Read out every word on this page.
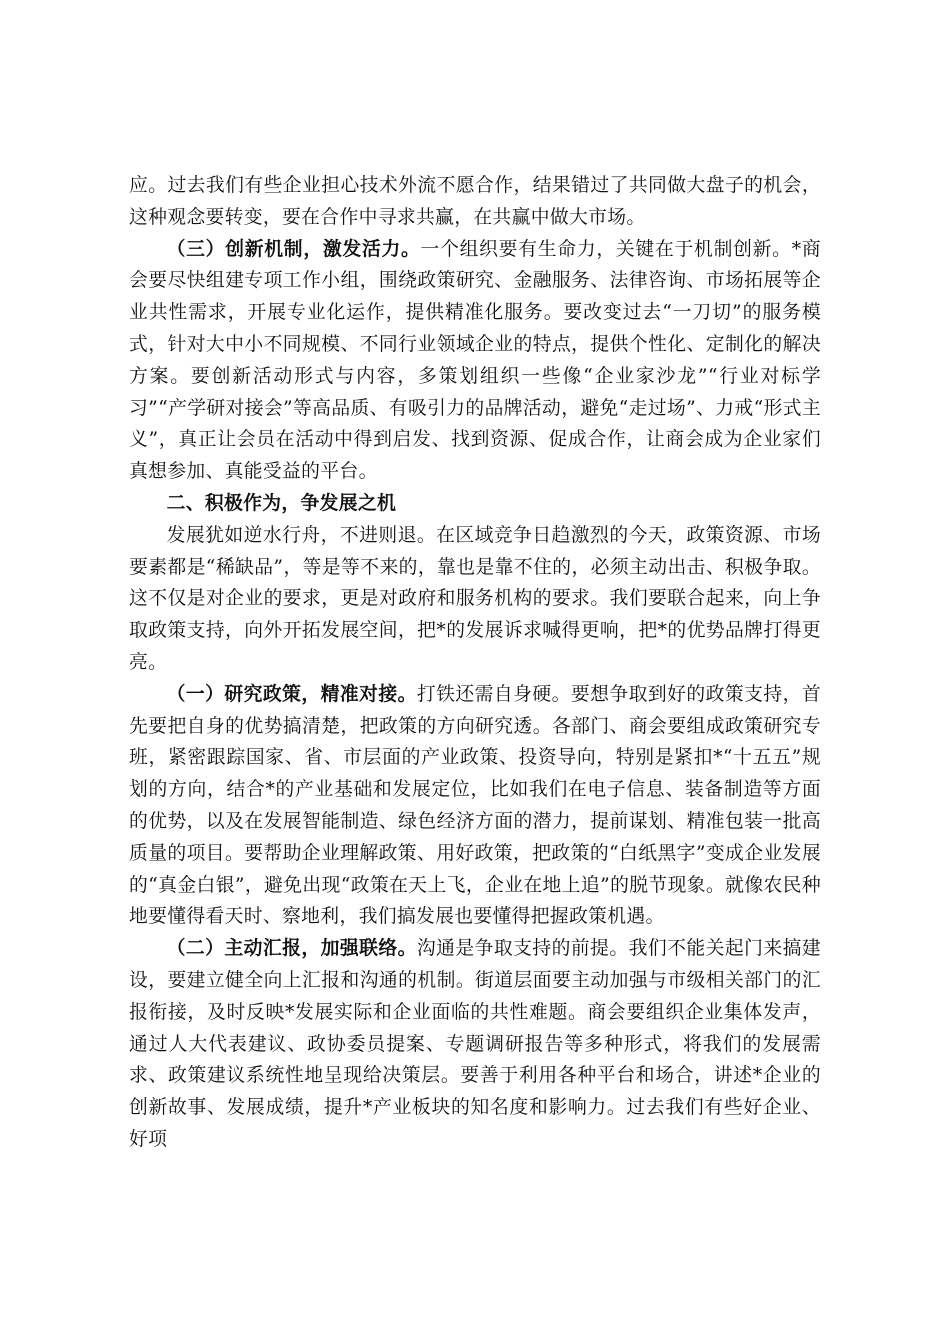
应。过去我们有些企业担心技术外流不愿合作，结果错过了共同做大盘子的机会，这种观念要转变，要在合作中寻求共赢，在共赢中做大市场。

（三）创新机制，激发活力。一个组织要有生命力，关键在于机制创新。*商会要尽快组建专项工作小组，围绕政策研究、金融服务、法律咨询、市场拓展等企业共性需求，开展专业化运作，提供精准化服务。要改变过去“一刀切”的服务模式，针对大中小不同规模、不同行业领域企业的特点，提供个性化、定制化的解决方案。要创新活动形式与内容，多策划组织一些像“企业家沙龙”“行业对标学习”“产学研对接会”等高品质、有吸引力的品牌活动，避免“走过场”、力戒“形式主义”，真正让会员在活动中得到启发、找到资源、促成合作，让商会成为企业家们真想参加、真能受益的平台。

二、积极作为，争发展之机

发展犹如逆水行舟，不进则退。在区域竞争日趋激烈的今天，政策资源、市场要素都是“稀缺品”，等是等不来的，靠也是靠不住的，必须主动出击、积极争取。这不仅是对企业的要求，更是对政府和服务机构的要求。我们要联合起来，向上争取政策支持，向外开拓发展空间，把*的发展诉求喊得更响，把*的优势品牌打得更亮。

（一）研究政策，精准对接。打铁还需自身硬。要想争取到好的政策支持，首先要把自身的优势搞清楚，把政策的方向研究透。各部门、商会要组成政策研究专班，紧密跟踪国家、省、市层面的产业政策、投资导向，特别是紧扣*“十五五”规划的方向，结合*的产业基础和发展定位，比如我们在电子信息、装备制造等方面的优势，以及在发展智能制造、绿色经济方面的潜力，提前谋划、精准包装一批高质量的项目。要帮助企业理解政策、用好政策，把政策的“白纸黑字”变成企业发展的“真金白银”，避免出现“政策在天上飞，企业在地上追”的脱节现象。就像农民种地要懂得看天时、察地利，我们搞发展也要懂得把握政策机遇。

（二）主动汇报，加强联络。沟通是争取支持的前提。我们不能关起门来搞建设，要建立健全向上汇报和沟通的机制。街道层面要主动加强与市级相关部门的汇报衔接，及时反映*发展实际和企业面临的共性难题。商会要组织企业集体发声，通过人大代表建议、政协委员提案、专题调研报告等多种形式，将我们的发展需求、政策建议系统性地呈现给决策层。要善于利用各种平台和场合，讲述*企业的创新故事、发展成绩，提升*产业板块的知名度和影响力。过去我们有些好企业、好项
